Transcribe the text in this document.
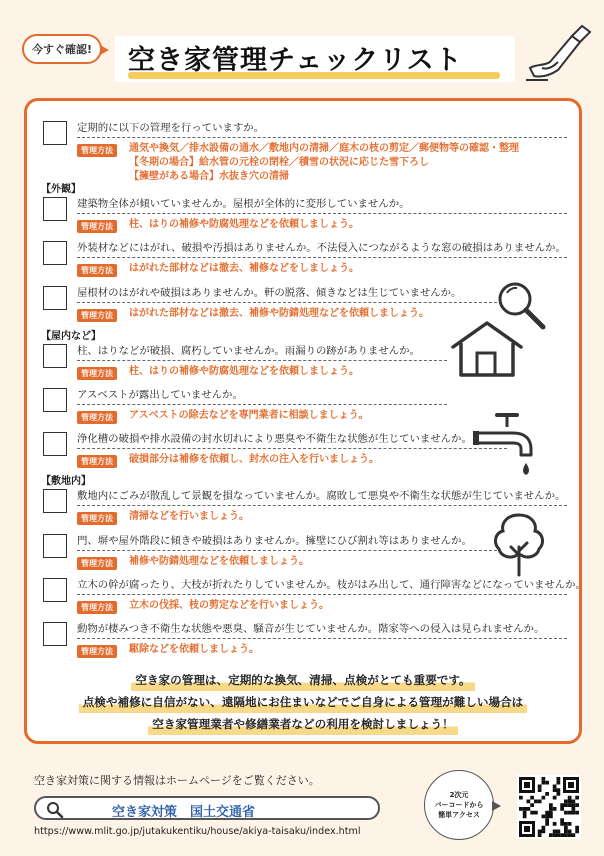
今すぐ確認!	空き家管理チェックリスト
定期的に以下の管理を行っていますか。
管理方法 通気や換気／排水設備の通水／敷地内の清掃／庭木の枝の剪定／郵便物等の確認・整理
【冬期の場合】給水管の元栓の閉栓／積雪の状況に応じた雪下ろし
【擁壁がある場合】水抜き穴の清掃
【外観】
建築物全体が傾いていませんか。屋根が全体的に変形していませんか。
管理方法 柱、はりの補修や防腐処理などを依頼しましょう。
外装材などにはがれ、破損や汚損はありませんか。不法侵入につながるような窓の破損はありませんか。
管理方法 はがれた部材などは撤去、補修などをしましょう。
屋根材のはがれや破損はありませんか。軒の脱落、傾きなどは生じていませんか。
管理方法 はがれた部材などは撤去、補修や防錆処理などを依頼しましょう。
【屋内など】
柱、はりなどが破損、腐朽していませんか。雨漏りの跡がありませんか。
管理方法 柱、はりの補修や防腐処理などを依頼しましょう。
アスベストが露出していませんか。
管理方法 アスベストの除去などを専門業者に相談しましょう。
浄化槽の破損や排水設備の封水切れにより悪臭や不衛生な状態が生じていませんか。
管理方法 破損部分は補修を依頼し、封水の注入を行いましょう。
【敷地内】
敷地内にごみが散乱して景観を損なっていませんか。腐敗して悪臭や不衛生な状態が生じていませんか。
管理方法 清掃などを行いましょう。
門、塀や屋外階段に傾きや破損はありませんか。擁壁にひび割れ等はありませんか。
管理方法 補修や防錆処理などを依頼しましょう。
立木の幹が腐ったり、大枝が折れたりしていませんか。枝がはみ出して、通行障害などになっていませんか。
管理方法 立木の伐採、枝の剪定などを行いましょう。
動物が棲みつき不衛生な状態や悪臭、騒音が生じていませんか。階家等への侵入は見られませんか。
管理方法 駆除などを依頼しましょう。
空き家の管理は、定期的な換気、清掃、点検がとても重要です。
点検や補修に自信がない、遠隔地にお住まいなどでご自身による管理が難しい場合は
空き家管理業者や修繕業者などの利用を検討しましょう！
空き家対策に関する情報はホームページをご覧ください。
空き家対策　国土交通省
https://www.mlit.go.jp/jutakukentiku/house/akiya-taisaku/index.html
2次元
バーコードから
簡単アクセス
